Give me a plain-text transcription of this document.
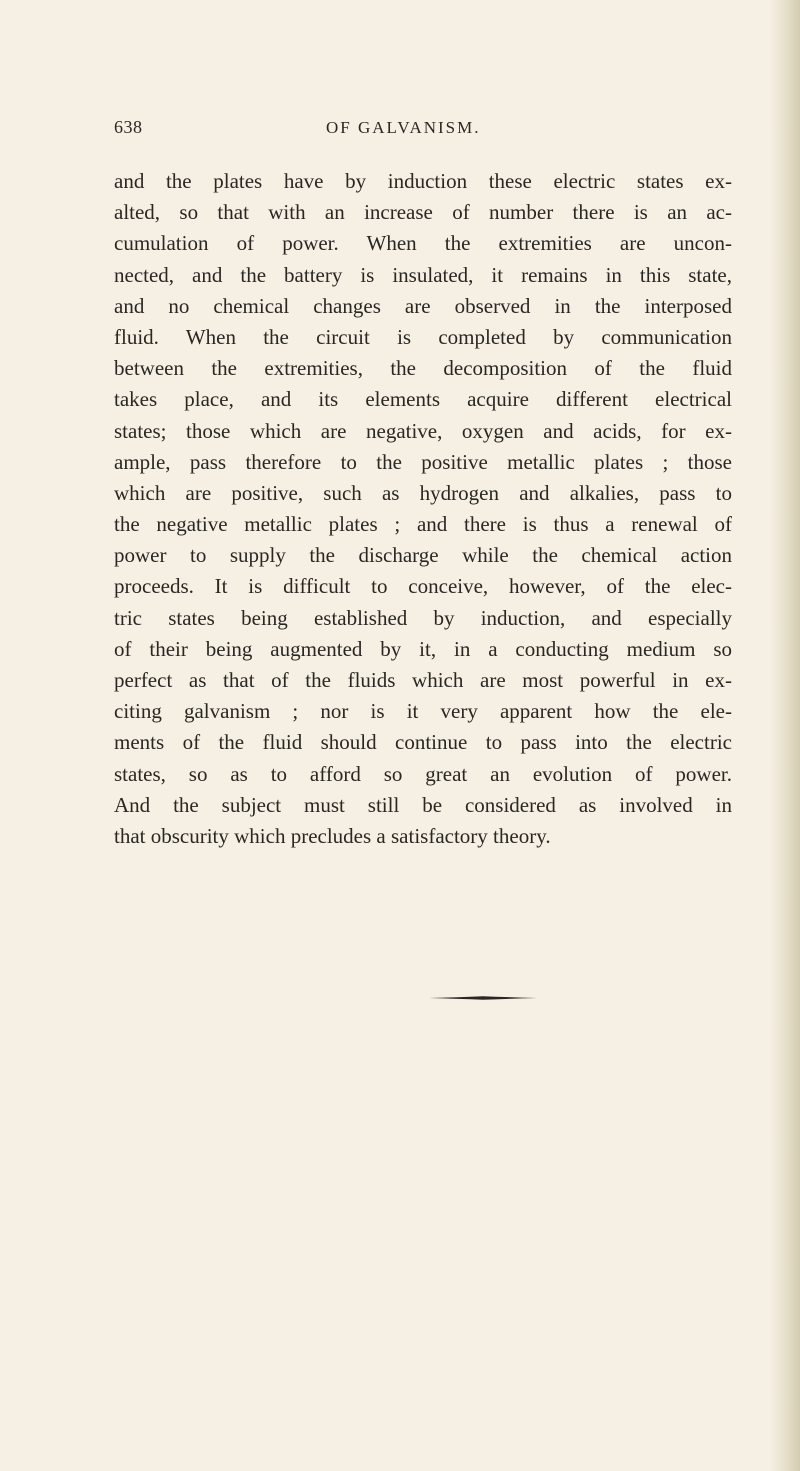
638	OF GALVANISM.
and the plates have by induction these electric states ex-
alted, so that with an increase of number there is an ac-
cumulation of power. When the extremities are uncon-
nected, and the battery is insulated, it remains in this state,
and no chemical changes are observed in the interposed
fluid. When the circuit is completed by communication
between the extremities, the decomposition of the fluid
takes place, and its elements acquire different electrical
states; those which are negative, oxygen and acids, for ex-
ample, pass therefore to the positive metallic plates ; those
which are positive, such as hydrogen and alkalies, pass to
the negative metallic plates ; and there is thus a renewal of
power to supply the discharge while the chemical action
proceeds. It is difficult to conceive, however, of the elec-
tric states being established by induction, and especially
of their being augmented by it, in a conducting medium so
perfect as that of the fluids which are most powerful in ex-
citing galvanism ; nor is it very apparent how the ele-
ments of the fluid should continue to pass into the electric
states, so as to afford so great an evolution of power.
And the subject must still be considered as involved in
that obscurity which precludes a satisfactory theory.
